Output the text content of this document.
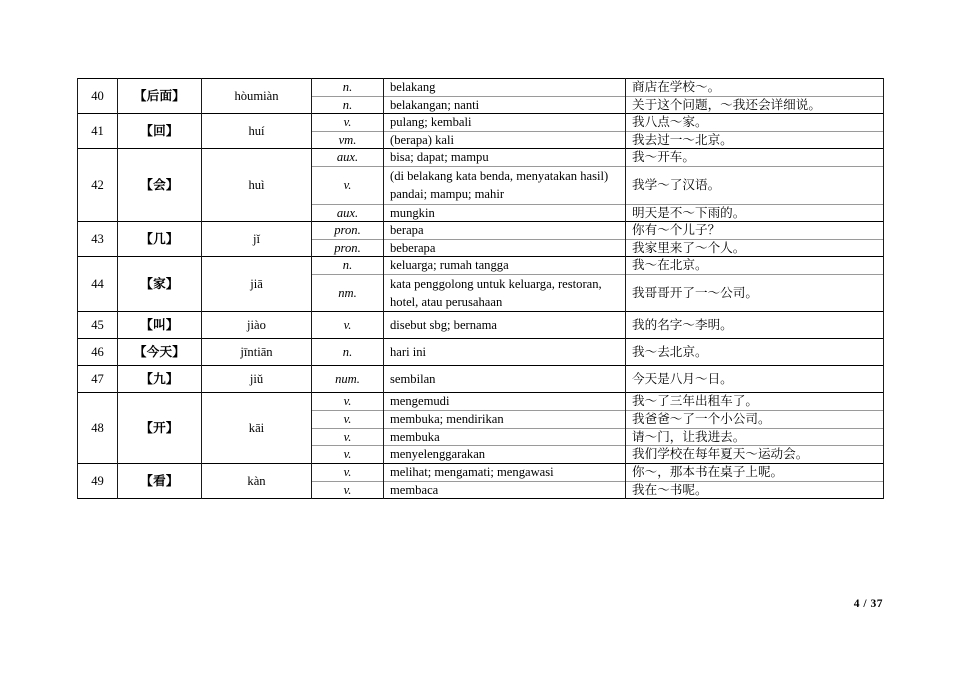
40	【后面】	hòumiàn	n.	belakang	商店在学校～。
			n.	belakangan; nanti	关于这个问题，～我还会详细说。
41	【回】	huí	v.	pulang; kembali	我八点～家。
			vm.	(berapa) kali	我去过一～北京。
42	【会】	huì	aux.	bisa; dapat; mampu	我～开车。
			v.	(di belakang kata benda, menyatakan hasil)
pandai; mampu; mahir	我学～了汉语。
			aux.	mungkin	明天是不～下雨的。
43	【几】	jǐ	pron.	berapa	你有～个儿子？
			pron.	beberapa	我家里来了～个人。
44	【家】	jiā	n.	keluarga; rumah tangga	我～在北京。
			nm.	kata penggolong untuk keluarga, restoran,
hotel, atau perusahaan	我哥哥开了一～公司。
45	【叫】	jiào	v.	disebut sbg; bernama	我的名字～李明。
46	【今天】	jīntiān	n.	hari ini	我～去北京。
47	【九】	jiǔ	num.	sembilan	今天是八月～日。
48	【开】	kāi	v.	mengemudi	我～了三年出租车了。
			v.	membuka; mendirikan	我爸爸～了一个小公司。
			v.	membuka	请～门，让我进去。
			v.	menyelenggarakan	我们学校在每年夏天～运动会。
49	【看】	kàn	v.	melihat; mengamati; mengawasi	你～，那本书在桌子上呢。
			v.	membaca	我在～书呢。
4 / 37
